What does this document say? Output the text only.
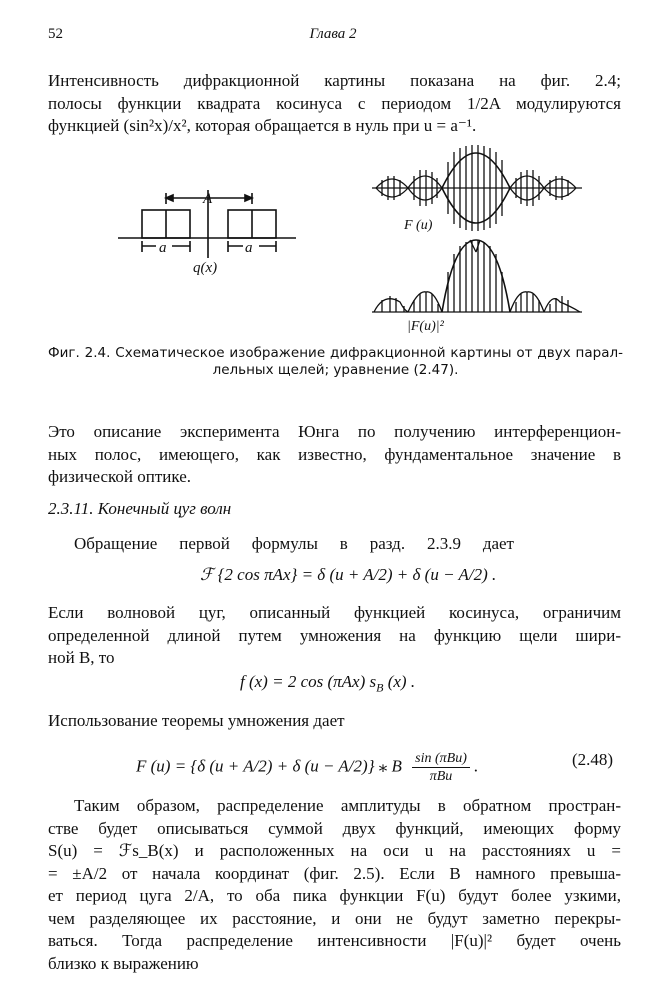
52	Глава 2
Интенсивность дифракционной картины показана на фиг. 2.4;
полосы функции квадрата косинуса с периодом 1/2A модулируются
функцией (sin²x)/x², которая обращается в нуль при u = a⁻¹.
A
a	a
q(x)
F (u)
|F(u)|²
Фиг. 2.4. Схематическое изображение дифракционной картины от двух парал-
лельных щелей; уравнение (2.47).
Это описание эксперимента Юнга по получению интерференцион-
ных полос, имеющего, как известно, фундаментальное значение в
физической оптике.
2.3.11. Конечный цуг волн
Обращение первой формулы в разд. 2.3.9 дает
ℱ {2 cos πAx} = δ (u + A/2) + δ (u − A/2) .
Если волновой цуг, описанный функцией косинуса, ограничим
определенной длиной путем умножения на функцию щели шири-
ной B, то
f (x) = 2 cos (πAx) $s_B$ (x) .
Использование теоремы умножения дает
F (u) = {δ (u + A/2) + δ (u − A/2)} ⁎ B sin (πBu)
πBu
.	(2.48)
Таким образом, распределение амплитуды в обратном простран-
стве будет описываться суммой двух функций, имеющих форму
S(u) = ℱs_B(x) и расположенных на оси u на расстояниях u =
= ±A/2 от начала координат (фиг. 2.5). Если B намного превыша-
ет период цуга 2/A, то оба пика функции F(u) будут более узкими,
чем разделяющее их расстояние, и они не будут заметно перекры-
ваться. Тогда распределение интенсивности |F(u)|² будет очень
близко к выражению
